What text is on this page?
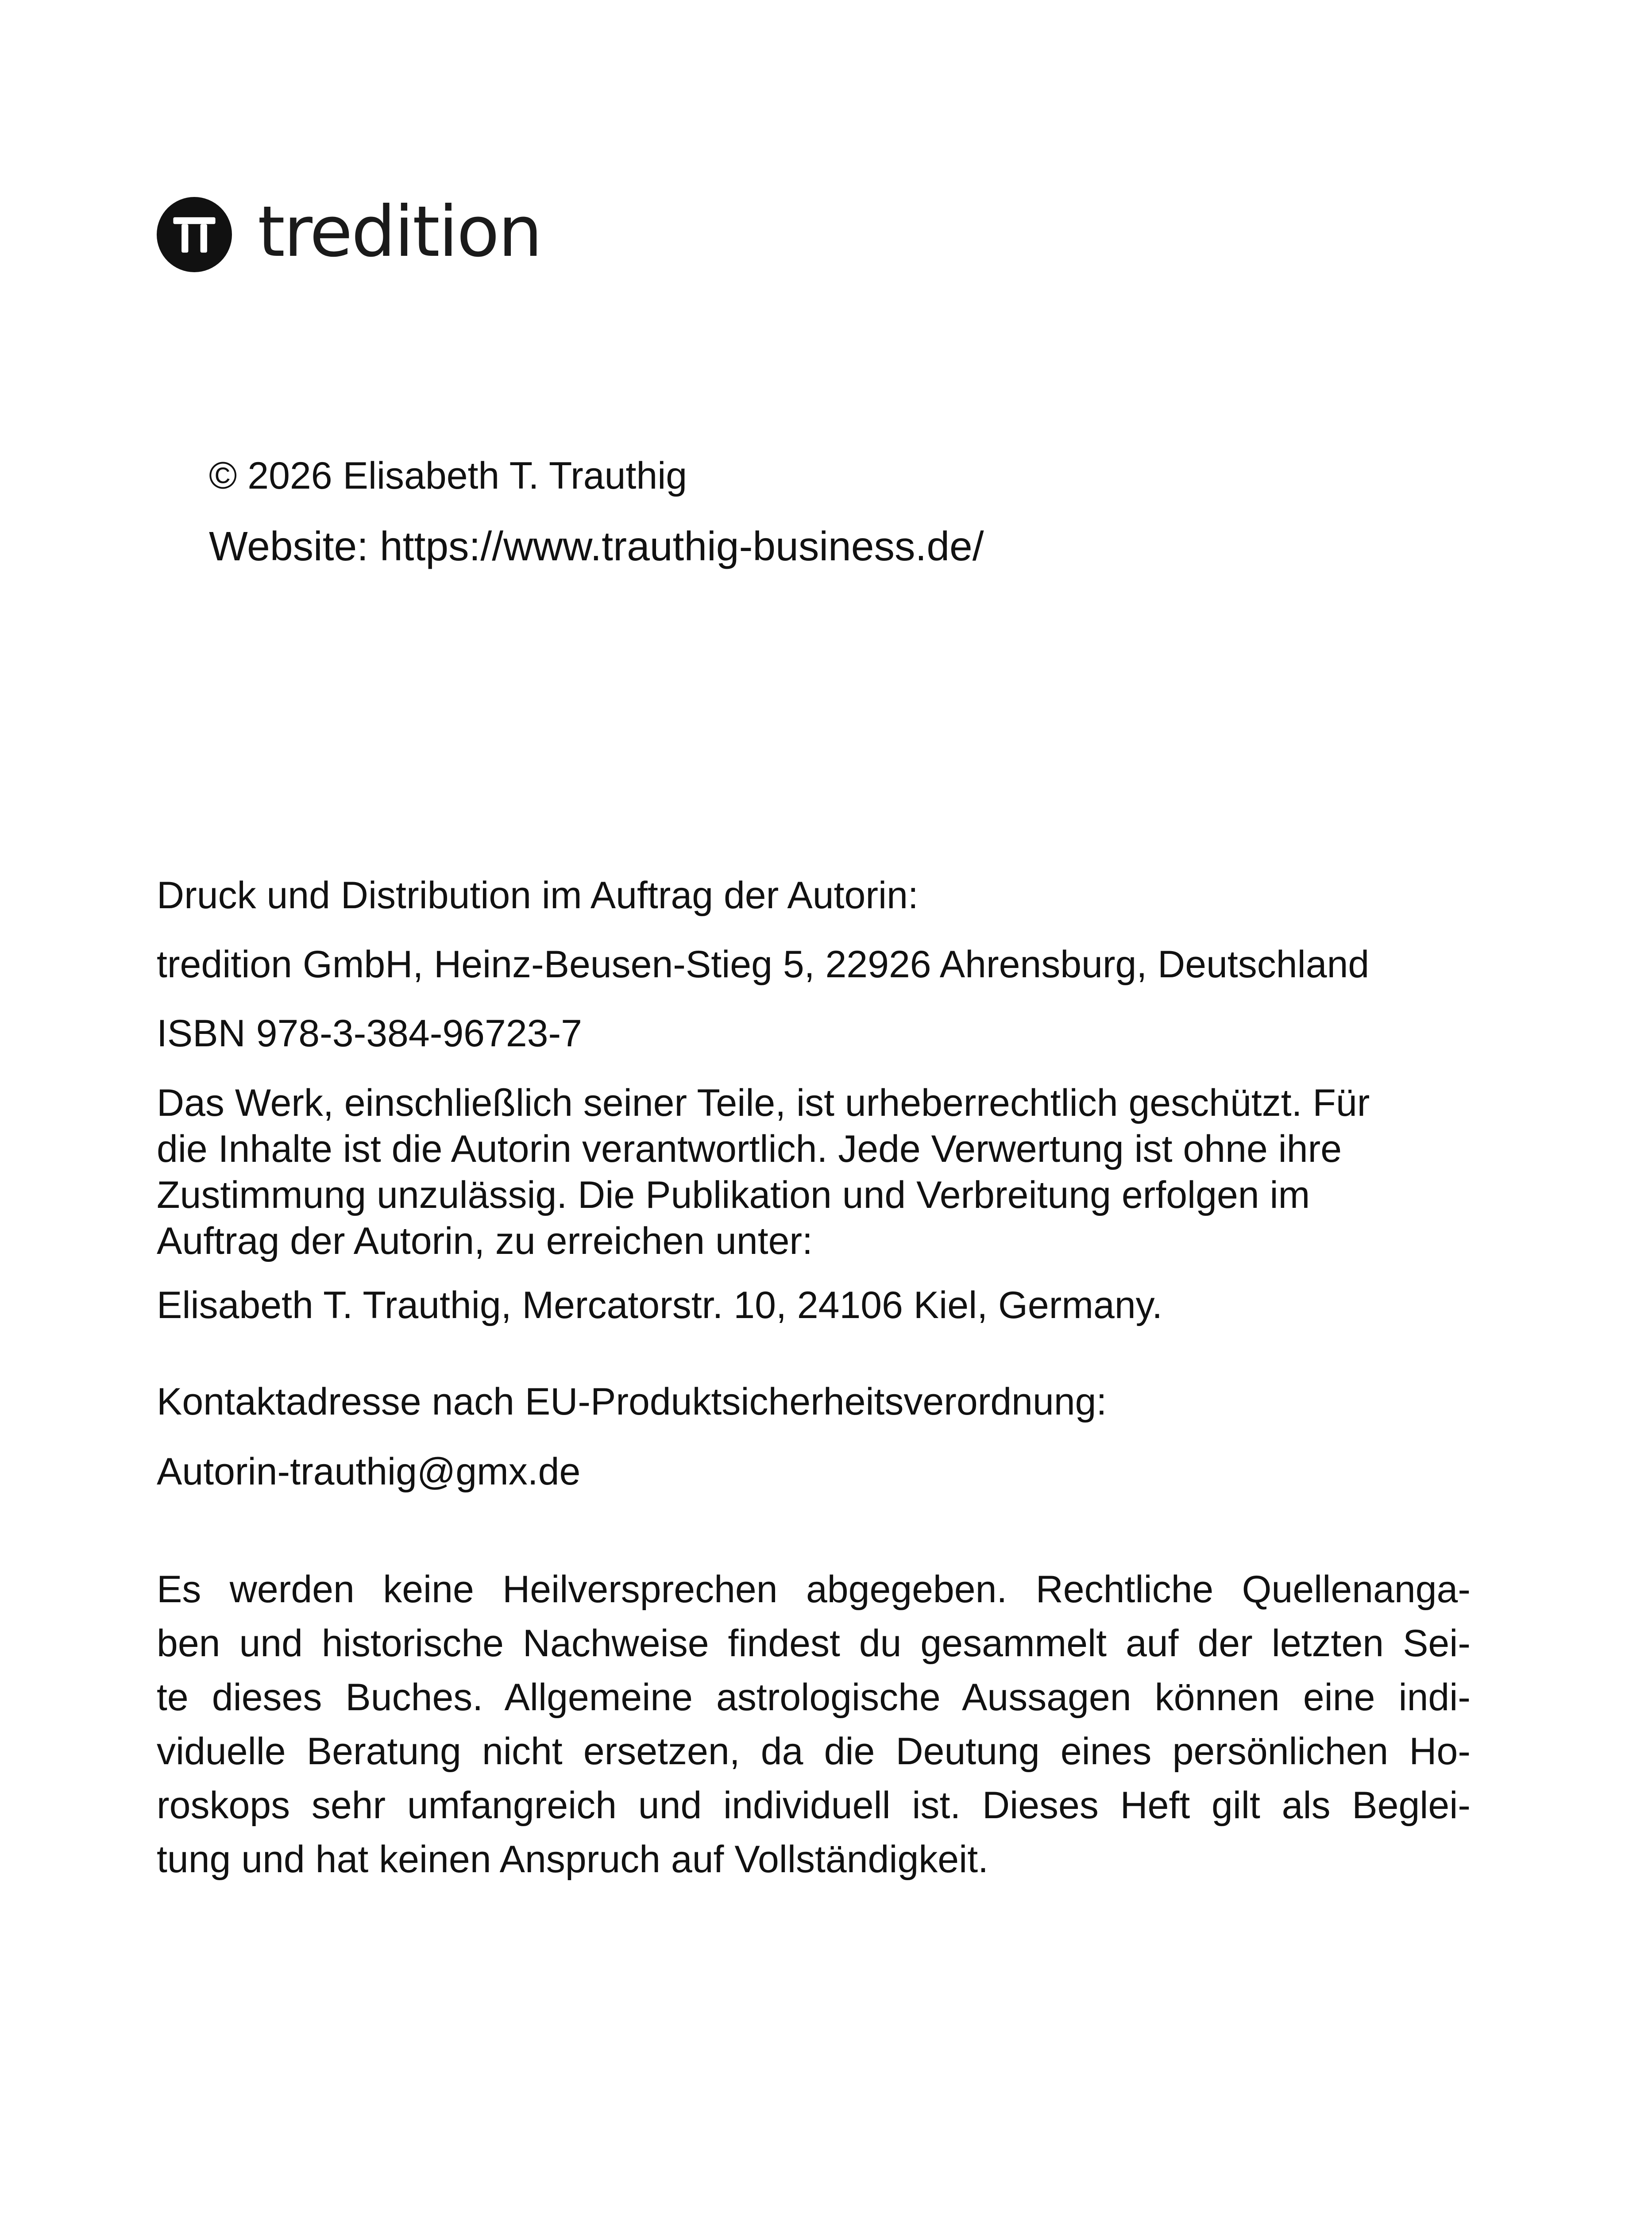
tredition

© 2026 Elisabeth T. Trauthig

Website: https://www.trauthig-business.de/

Druck und Distribution im Auftrag der Autorin:

tredition GmbH, Heinz-Beusen-Stieg 5, 22926 Ahrensburg, Deutschland

ISBN 978-3-384-96723-7

Das Werk, einschließlich seiner Teile, ist urheberrechtlich geschützt. Für
die Inhalte ist die Autorin verantwortlich. Jede Verwertung ist ohne ihre
Zustimmung unzulässig. Die Publikation und Verbreitung erfolgen im
Auftrag der Autorin, zu erreichen unter:

Elisabeth T. Trauthig, Mercatorstr. 10, 24106 Kiel, Germany.

Kontaktadresse nach EU-Produktsicherheitsverordnung:

Autorin-trauthig@gmx.de

Es werden keine Heilversprechen abgegeben. Rechtliche Quellenanga-
ben und historische Nachweise findest du gesammelt auf der letzten Sei-
te dieses Buches. Allgemeine astrologische Aussagen können eine indi-
viduelle Beratung nicht ersetzen, da die Deutung eines persönlichen Ho-
roskops sehr umfangreich und individuell ist. Dieses Heft gilt als Beglei-
tung und hat keinen Anspruch auf Vollständigkeit.
